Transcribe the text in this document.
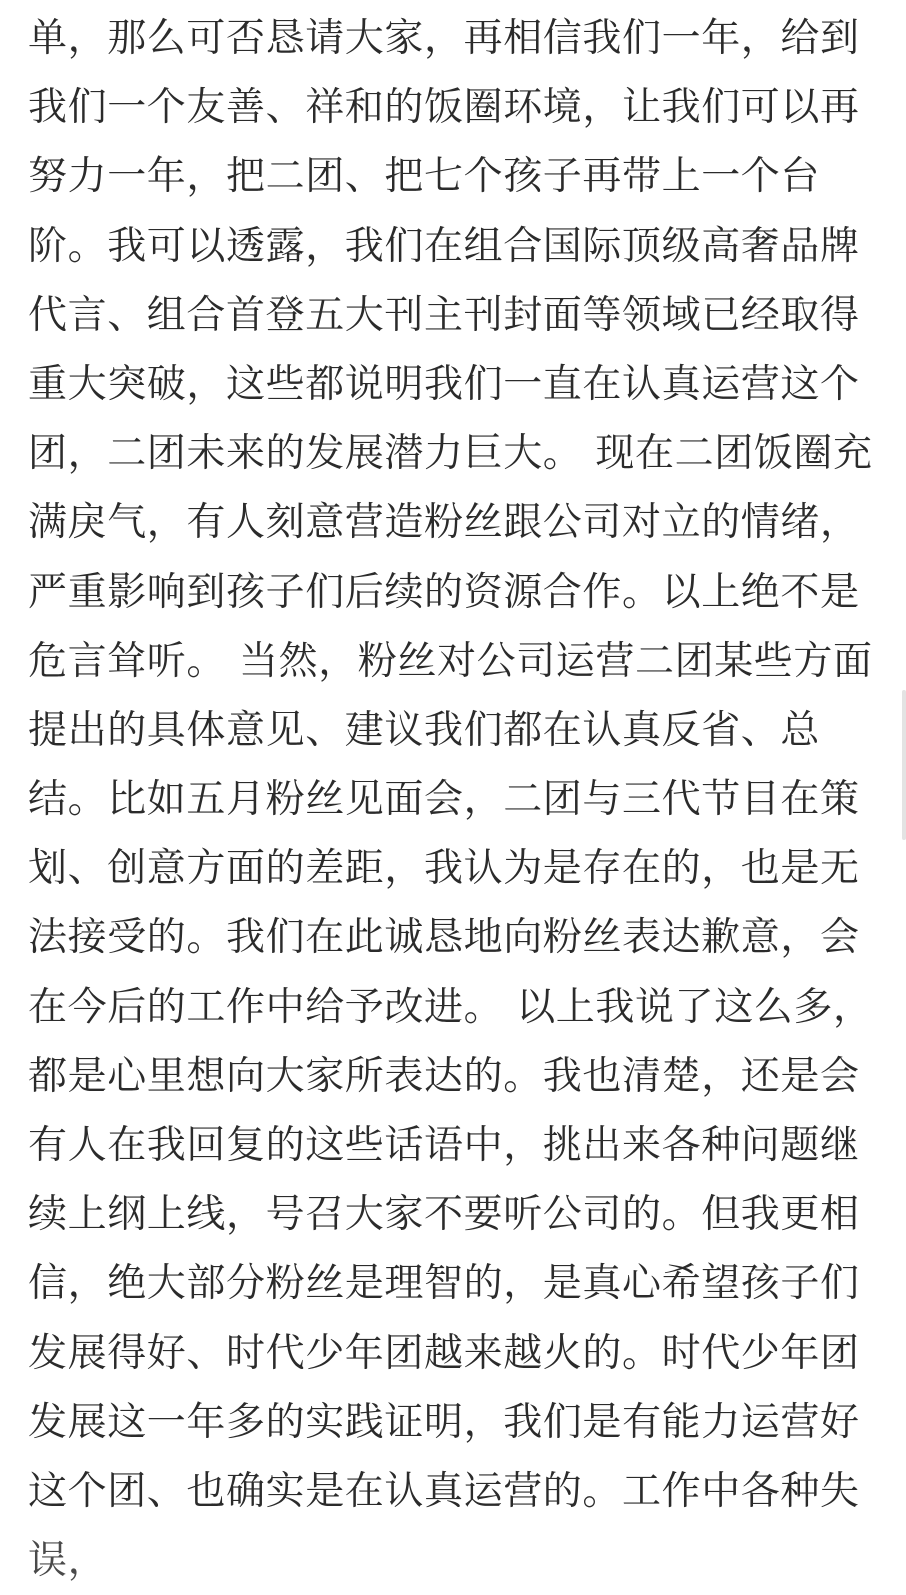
单，那么可否恳请大家，再相信我们一年，给到
我们一个友善、祥和的饭圈环境，让我们可以再
努力一年，把二团、把七个孩子再带上一个台
阶。我可以透露，我们在组合国际顶级高奢品牌
代言、组合首登五大刊主刊封面等领域已经取得
重大突破，这些都说明我们一直在认真运营这个
团，二团未来的发展潜力巨大。 现在二团饭圈充
满戾气，有人刻意营造粉丝跟公司对立的情绪，
严重影响到孩子们后续的资源合作。以上绝不是
危言耸听。 当然，粉丝对公司运营二团某些方面
提出的具体意见、建议我们都在认真反省、总
结。比如五月粉丝见面会，二团与三代节目在策
划、创意方面的差距，我认为是存在的，也是无
法接受的。我们在此诚恳地向粉丝表达歉意，会
在今后的工作中给予改进。 以上我说了这么多，
都是心里想向大家所表达的。我也清楚，还是会
有人在我回复的这些话语中，挑出来各种问题继
续上纲上线，号召大家不要听公司的。但我更相
信，绝大部分粉丝是理智的，是真心希望孩子们
发展得好、时代少年团越来越火的。时代少年团
发展这一年多的实践证明，我们是有能力运营好
这个团、也确实是在认真运营的。工作中各种失
误，
